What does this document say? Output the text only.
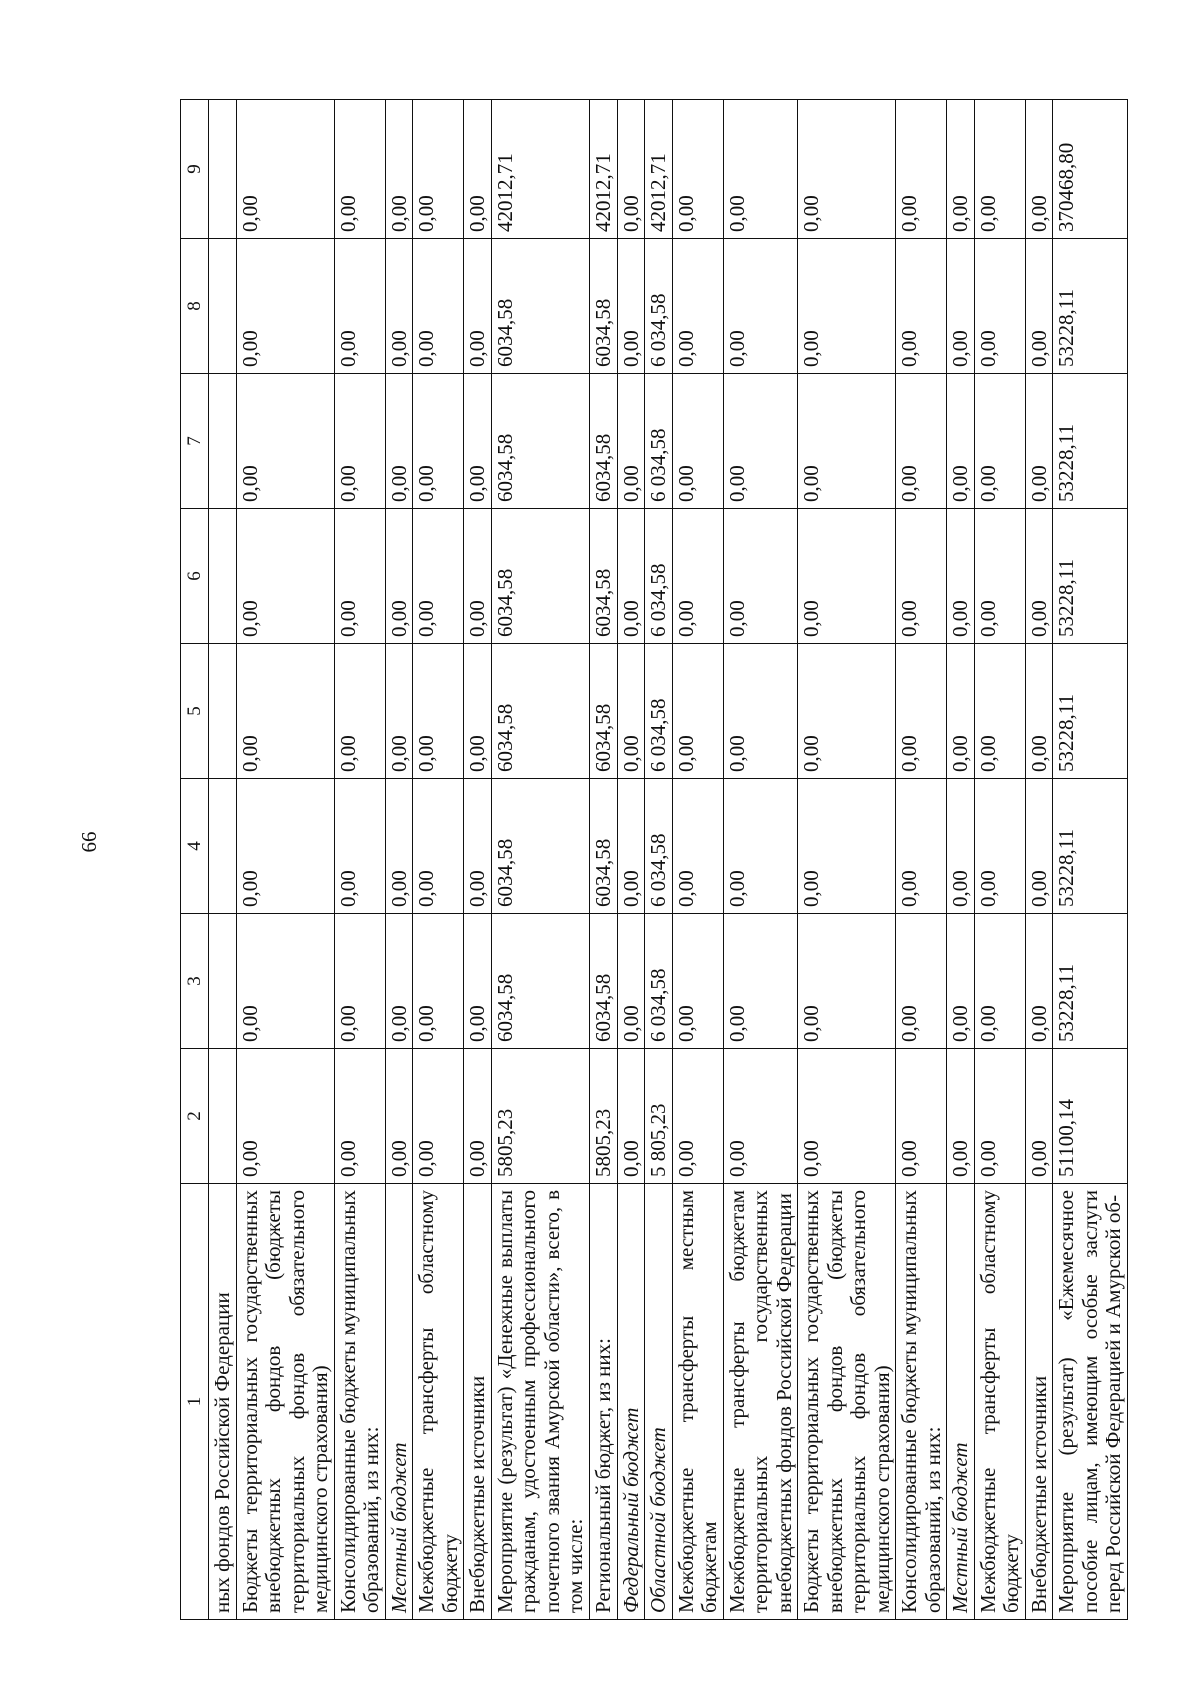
66
1	2	3	4	5	6	7	8	9
ных фондов Российской Федерации								
Бюджеты территориальных государственных внебюджетных фондов (бюджеты территориальных фондов обязательного медицинского страхования)	0,00	0,00	0,00	0,00	0,00	0,00	0,00	0,00
Консолидированные бюджеты муниципальных образований, из них:	0,00	0,00	0,00	0,00	0,00	0,00	0,00	0,00
Местный бюджет	0,00	0,00	0,00	0,00	0,00	0,00	0,00	0,00
Межбюджетные трансферты областному бюджету	0,00	0,00	0,00	0,00	0,00	0,00	0,00	0,00
Внебюджетные источники	0,00	0,00	0,00	0,00	0,00	0,00	0,00	0,00
Мероприятие (результат) «Денежные выплаты гражданам, удостоенным профессионального почетного звания Амурской области», всего, в том числе:	5805,23	6034,58	6034,58	6034,58	6034,58	6034,58	6034,58	42012,71
Региональный бюджет, из них:	5805,23	6034,58	6034,58	6034,58	6034,58	6034,58	6034,58	42012,71
Федеральный бюджет	0,00	0,00	0,00	0,00	0,00	0,00	0,00	0,00
Областной бюджет	5 805,23	6 034,58	6 034,58	6 034,58	6 034,58	6 034,58	6 034,58	42012,71
Межбюджетные трансферты местным бюджетам	0,00	0,00	0,00	0,00	0,00	0,00	0,00	0,00
Межбюджетные трансферты бюджетам территориальных государственных внебюджетных фондов Российской Федерации	0,00	0,00	0,00	0,00	0,00	0,00	0,00	0,00
Бюджеты территориальных государственных внебюджетных фондов (бюджеты территориальных фондов обязательного медицинского страхования)	0,00	0,00	0,00	0,00	0,00	0,00	0,00	0,00
Консолидированные бюджеты муниципальных образований, из них:	0,00	0,00	0,00	0,00	0,00	0,00	0,00	0,00
Местный бюджет	0,00	0,00	0,00	0,00	0,00	0,00	0,00	0,00
Межбюджетные трансферты областному бюджету	0,00	0,00	0,00	0,00	0,00	0,00	0,00	0,00
Внебюджетные источники	0,00	0,00	0,00	0,00	0,00	0,00	0,00	0,00
Мероприятие (результат) «Ежемесячное пособие лицам, имеющим особые заслуги перед Российской Федерацией и Амурской об-	51100,14	53228,11	53228,11	53228,11	53228,11	53228,11	53228,11	370468,80
